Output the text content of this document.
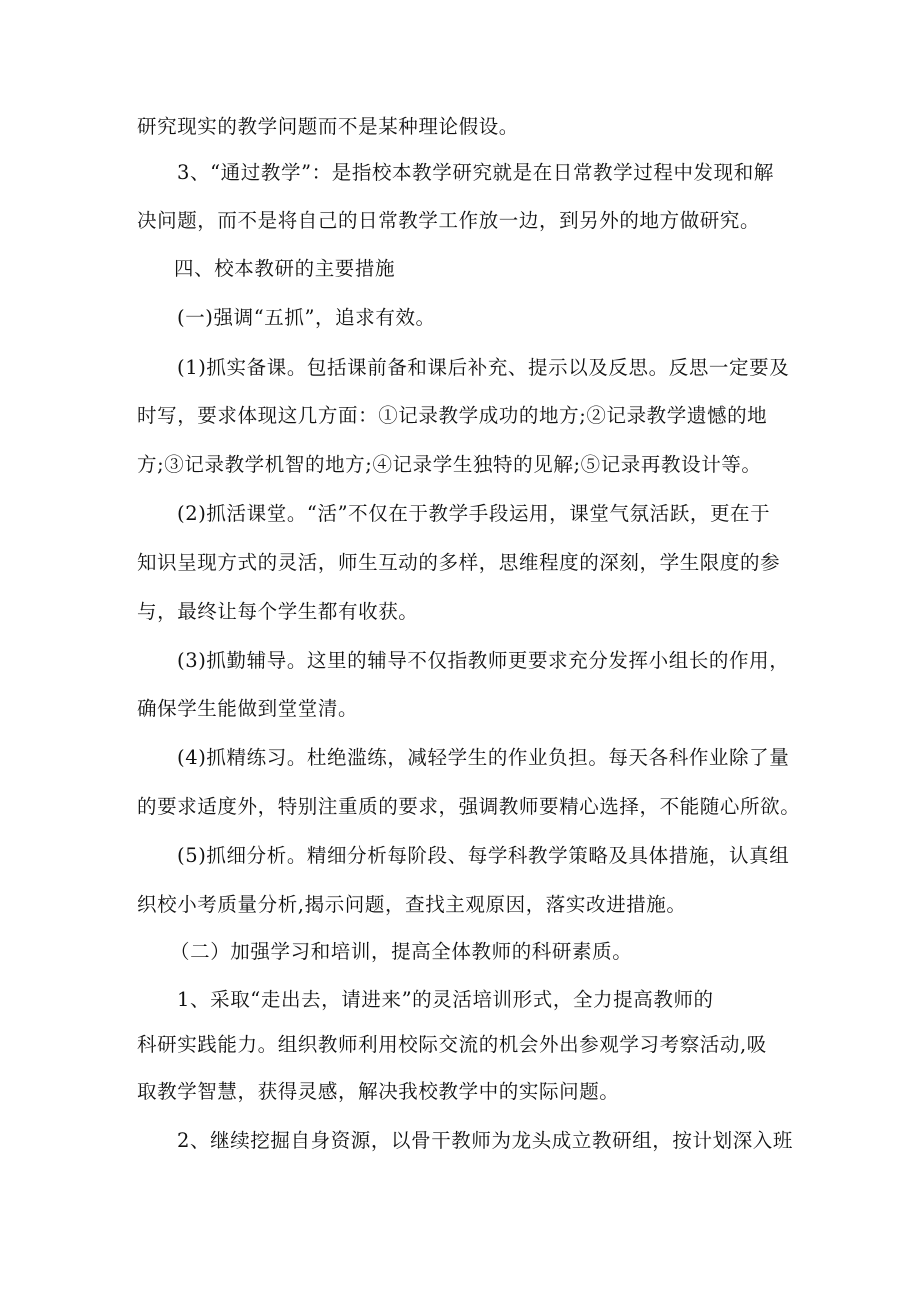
研究现实的教学问题而不是某种理论假设。
3、“通过教学”：是指校本教学研究就是在日常教学过程中发现和解
决问题，而不是将自己的日常教学工作放一边，到另外的地方做研究。
四、校本教研的主要措施
(一)强调“五抓”，追求有效。
(1)抓实备课。包括课前备和课后补充、提示以及反思。反思一定要及
时写，要求体现这几方面：①记录教学成功的地方;②记录教学遗憾的地
方;③记录教学机智的地方;④记录学生独特的见解;⑤记录再教设计等。
(2)抓活课堂。“活”不仅在于教学手段运用，课堂气氛活跃，更在于
知识呈现方式的灵活，师生互动的多样，思维程度的深刻，学生限度的参
与，最终让每个学生都有收获。
(3)抓勤辅导。这里的辅导不仅指教师更要求充分发挥小组长的作用，
确保学生能做到堂堂清。
(4)抓精练习。杜绝滥练，减轻学生的作业负担。每天各科作业除了量
的要求适度外，特别注重质的要求，强调教师要精心选择，不能随心所欲。
(5)抓细分析。精细分析每阶段、每学科教学策略及具体措施，认真组
织校小考质量分析,揭示问题，查找主观原因，落实改进措施。
（二）加强学习和培训，提高全体教师的科研素质。
1、采取“走出去，请进来”的灵活培训形式，全力提高教师的
科研实践能力。组织教师利用校际交流的机会外出参观学习考察活动,吸
取教学智慧，获得灵感，解决我校教学中的实际问题。
2、继续挖掘自身资源，以骨干教师为龙头成立教研组，按计划深入班
